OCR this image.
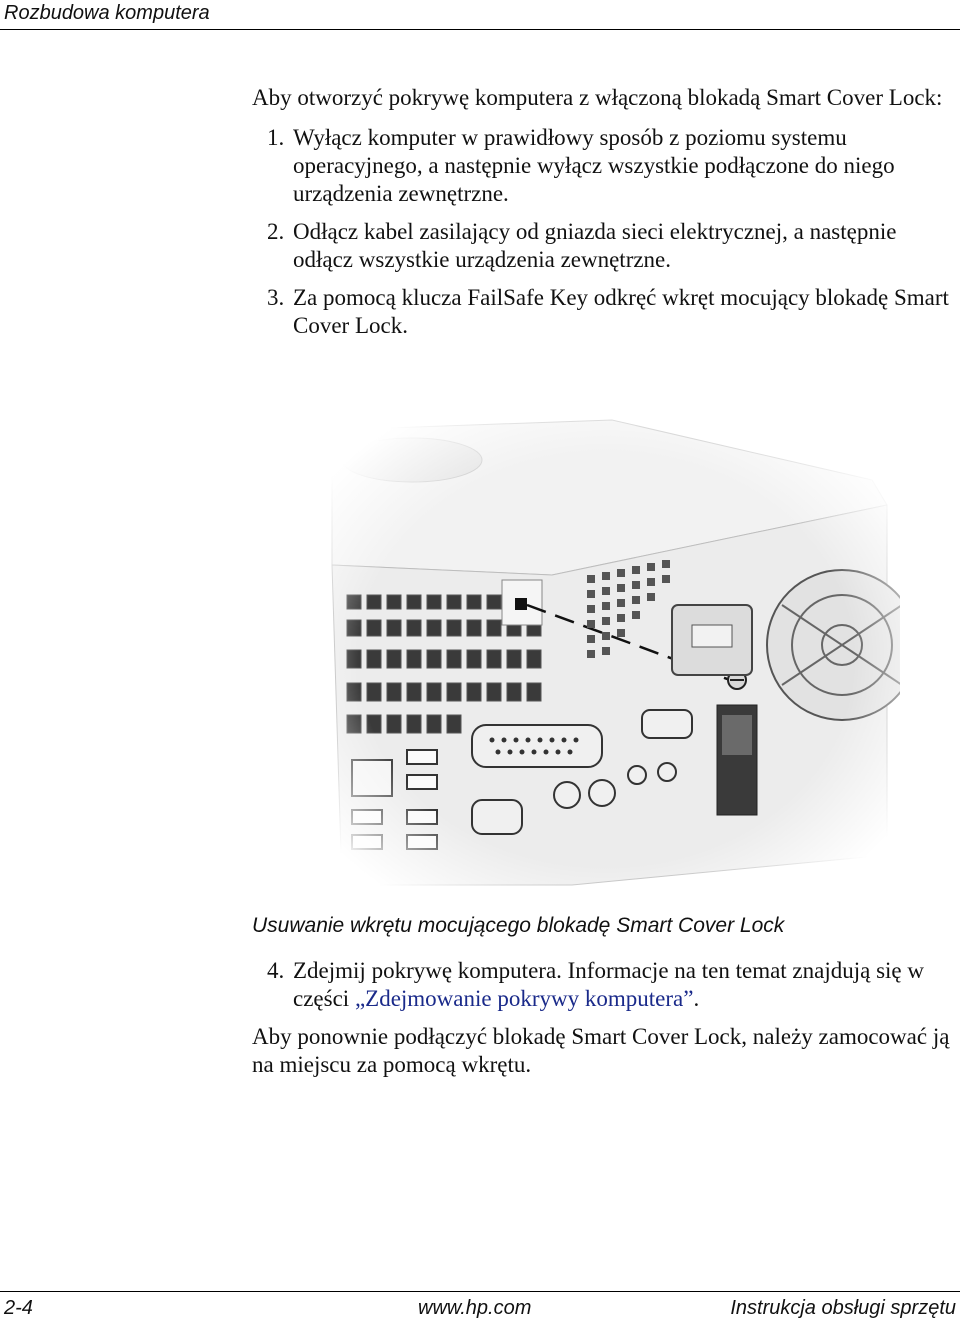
Rozbudowa komputera

Aby otworzyć pokrywę komputera z włączoną blokadą Smart Cover Lock:

1. Wyłącz komputer w prawidłowy sposób z poziomu systemu operacyjnego, a następnie wyłącz wszystkie podłączone do niego urządzenia zewnętrzne.
2. Odłącz kabel zasilający od gniazda sieci elektrycznej, a następnie odłącz wszystkie urządzenia zewnętrzne.
3. Za pomocą klucza FailSafe Key odkręć wkręt mocujący blokadę Smart Cover Lock.
Usuwanie wkrętu mocującego blokadę Smart Cover Lock
4. Zdejmij pokrywę komputera. Informacje na ten temat znajdują się w części „Zdejmowanie pokrywy komputera”.

Aby ponownie podłączyć blokadę Smart Cover Lock, należy zamocować ją na miejscu za pomocą wkrętu.

2-4	www.hp.com	Instrukcja obsługi sprzętu
